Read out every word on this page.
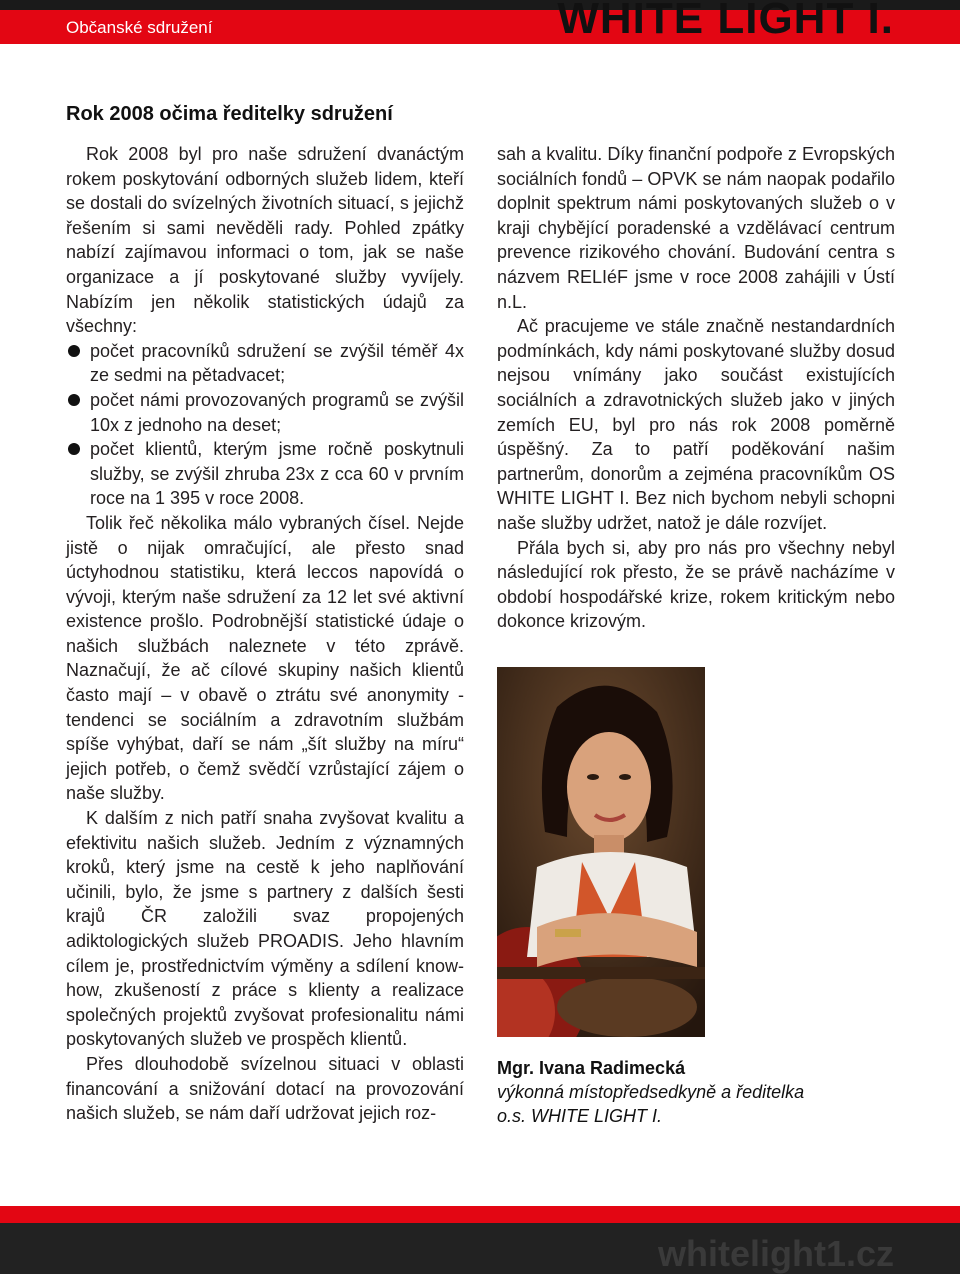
Občanské sdružení	WHITE LIGHT I.
Rok 2008 očima ředitelky sdružení

Rok 2008 byl pro naše sdružení dvanáctým rokem poskytování odborných služeb lidem, kteří se dostali do svízelných životních situací, s jejichž řešením si sami nevěděli rady. Pohled zpátky nabízí zajímavou informaci o tom, jak se naše organizace a jí poskytované služby vyvíjely. Nabízím jen několik statistických údajů za všechny:

počet pracovníků sdružení se zvýšil téměř 4x ze sedmi na pětadvacet;
počet námi provozovaných programů se zvýšil 10x z jednoho na deset;
počet klientů, kterým jsme ročně poskytnuli služby, se zvýšil zhruba 23x z cca 60 v prvním roce na 1 395 v roce 2008.

Tolik řeč několika málo vybraných čísel. Nejde jistě o nijak omračující, ale přesto snad úctyhodnou statistiku, která leccos napovídá o vývoji, kterým naše sdružení za 12 let své aktivní existence prošlo. Podrobnější statistické údaje o našich službách naleznete v této zprávě. Naznačují, že ač cílové skupiny našich klientů často mají – v obavě o ztrátu své anonymity - tendenci se sociálním a zdravotním službám spíše vyhýbat, daří se nám „šít služby na míru“ jejich potřeb, o čemž svědčí vzrůstající zájem o naše služby.

K dalším z nich patří snaha zvyšovat kvalitu a efektivitu našich služeb. Jedním z významných kroků, který jsme na cestě k jeho naplňování učinili, bylo, že jsme s partnery z dalších šesti krajů ČR založili svaz propojených adiktologických služeb PROADIS. Jeho hlavním cílem je, prostřednictvím výměny a sdílení know-how, zkušeností z práce s klienty a realizace společných projektů zvyšovat profesionalitu námi poskytovaných služeb ve prospěch klientů.

Přes dlouhodobě svízelnou situaci v oblasti financování a snižování dotací na provozování našich služeb, se nám daří udržovat jejich roz-

sah a kvalitu. Díky finanční podpoře z Evropských sociálních fondů – OPVK se nám naopak podařilo doplnit spektrum námi poskytovaných služeb o v kraji chybějící poradenské a vzdělávací centrum prevence rizikového chování. Budování centra s názvem RELIéF jsme v roce 2008 zahájili v Ústí n.L.

Ač pracujeme ve stále značně nestandardních podmínkách, kdy námi poskytované služby dosud nejsou vnímány jako součást existujících sociálních a zdravotnických služeb jako v jiných zemích EU, byl pro nás rok 2008 poměrně úspěšný. Za to patří poděkování našim partnerům, donorům a zejména pracovníkům OS WHITE LIGHT I. Bez nich bychom nebyli schopni naše služby udržet, natož je dále rozvíjet.

Přála bych si, aby pro nás pro všechny nebyl následující rok přesto, že se právě nacházíme v období hospodářské krize, rokem kritickým nebo dokonce krizovým.

Mgr. Ivana Radimecká
výkonná místopředsedkyně a ředitelka
o.s. WHITE LIGHT I.
whitelight1.cz
